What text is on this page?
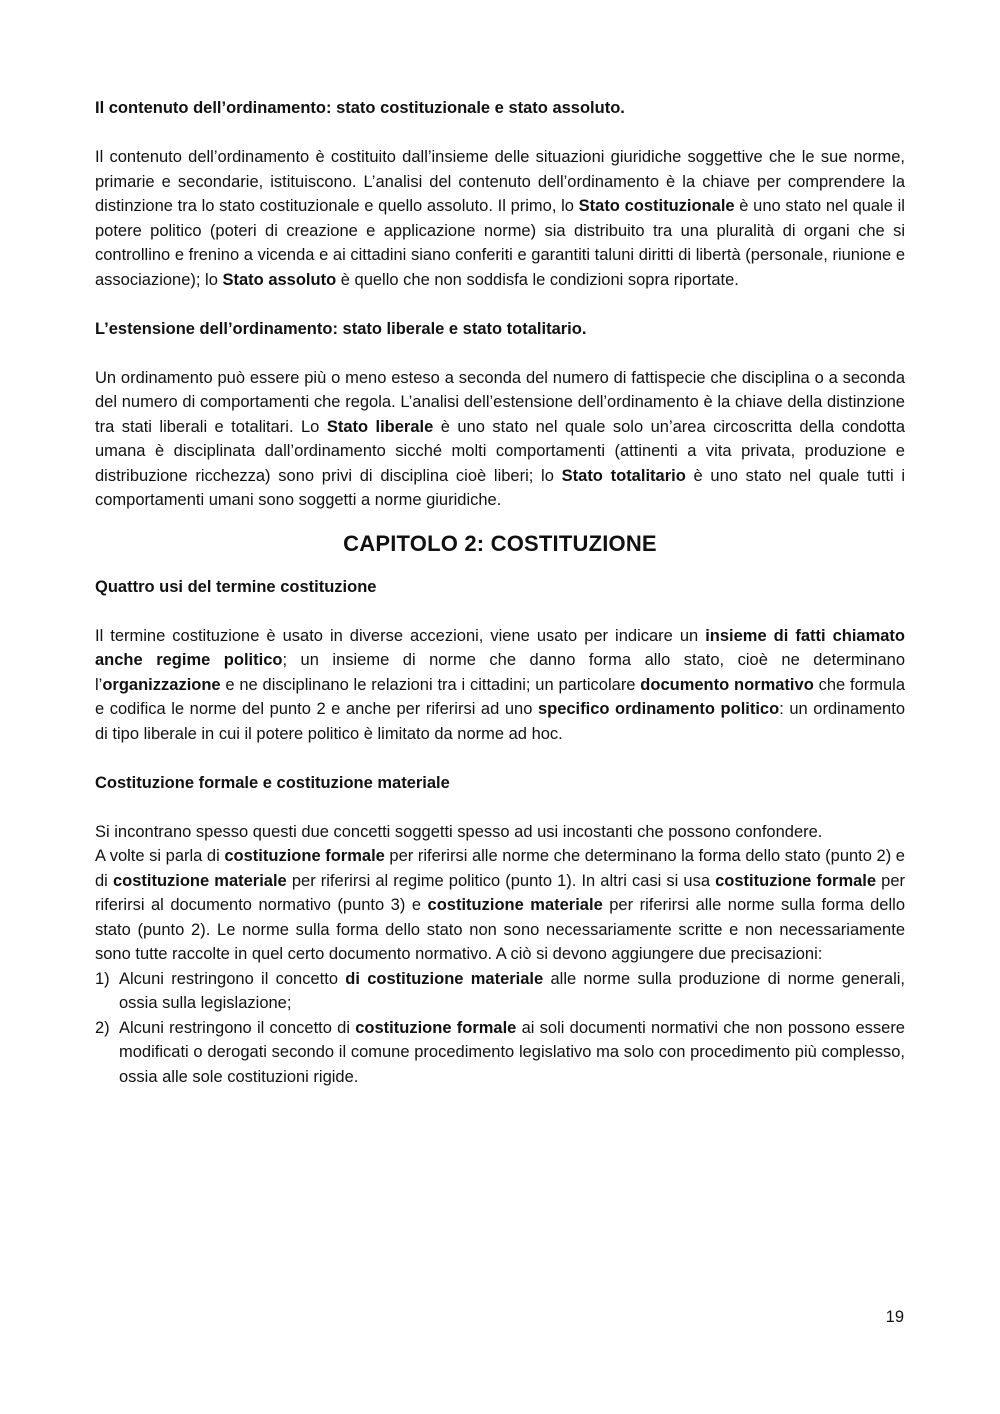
Il contenuto dell’ordinamento: stato costituzionale e stato assoluto.

Il contenuto dell’ordinamento è costituito dall’insieme delle situazioni giuridiche soggettive che le sue norme, primarie e secondarie, istituiscono. L’analisi del contenuto dell’ordinamento è la chiave per comprendere la distinzione tra lo stato costituzionale e quello assoluto. Il primo, lo Stato costituzionale è uno stato nel quale il potere politico (poteri di creazione e applicazione norme) sia distribuito tra una pluralità di organi che si controllino e frenino a vicenda e ai cittadini siano conferiti e garantiti taluni diritti di libertà (personale, riunione e associazione); lo Stato assoluto è quello che non soddisfa le condizioni sopra riportate.

L’estensione dell’ordinamento: stato liberale e stato totalitario.

Un ordinamento può essere più o meno esteso a seconda del numero di fattispecie che disciplina o a seconda del numero di comportamenti che regola. L’analisi dell’estensione dell’ordinamento è la chiave della distinzione tra stati liberali e totalitari. Lo Stato liberale è uno stato nel quale solo un’area circoscritta della condotta umana è disciplinata dall’ordinamento sicché molti comportamenti (attinenti a vita privata, produzione e distribuzione ricchezza) sono privi di disciplina cioè liberi; lo Stato totalitario è uno stato nel quale tutti i comportamenti umani sono soggetti a norme giuridiche.

CAPITOLO 2: COSTITUZIONE

Quattro usi del termine costituzione

Il termine costituzione è usato in diverse accezioni, viene usato per indicare un insieme di fatti chiamato anche regime politico; un insieme di norme che danno forma allo stato, cioè ne determinano l’organizzazione e ne disciplinano le relazioni tra i cittadini; un particolare documento normativo che formula e codifica le norme del punto 2 e anche per riferirsi ad uno specifico ordinamento politico: un ordinamento di tipo liberale in cui il potere politico è limitato da norme ad hoc.

Costituzione formale e costituzione materiale

Si incontrano spesso questi due concetti soggetti spesso ad usi incostanti che possono confondere.

A volte si parla di costituzione formale per riferirsi alle norme che determinano la forma dello stato (punto 2) e di costituzione materiale per riferirsi al regime politico (punto 1). In altri casi si usa costituzione formale per riferirsi al documento normativo (punto 3) e costituzione materiale per riferirsi alle norme sulla forma dello stato (punto 2). Le norme sulla forma dello stato non sono necessariamente scritte e non necessariamente sono tutte raccolte in quel certo documento normativo. A ciò si devono aggiungere due precisazioni:

1) Alcuni restringono il concetto di costituzione materiale alle norme sulla produzione di norme generali, ossia sulla legislazione;
2) Alcuni restringono il concetto di costituzione formale ai soli documenti normativi che non possono essere modificati o derogati secondo il comune procedimento legislativo ma solo con procedimento più complesso, ossia alle sole costituzioni rigide.
19
